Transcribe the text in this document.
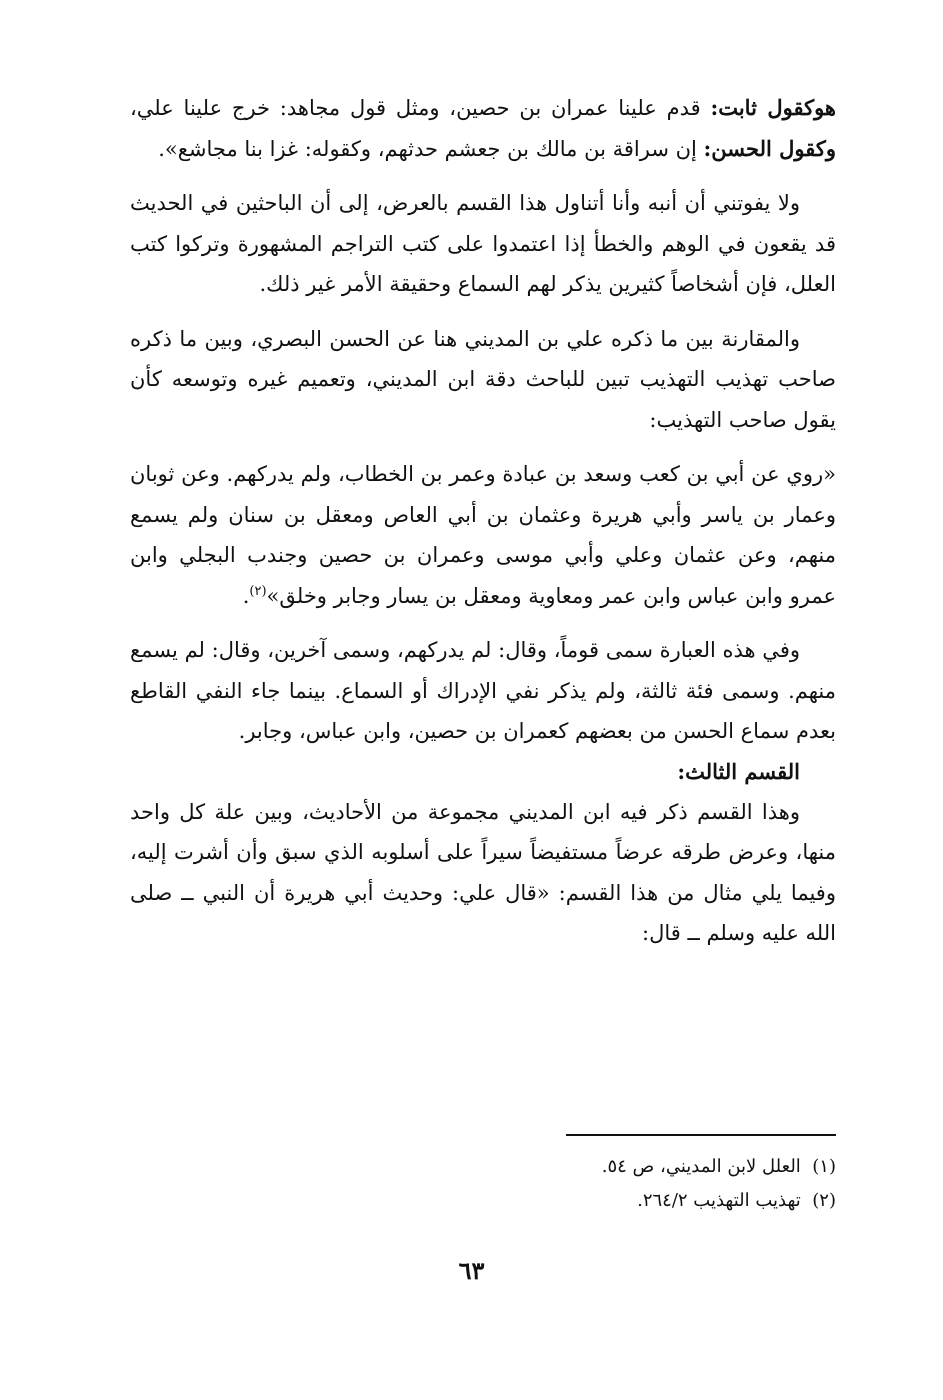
هوكقول ثابت: قدم علينا عمران بن حصين، ومثل قول مجاهد: خرج علينا علي، وكقول الحسن: إن سراقة بن مالك بن جعشم حدثهم، وكقوله: غزا بنا مجاشع».

ولا يفوتني أن أنبه وأنا أتناول هذا القسم بالعرض، إلى أن الباحثين في الحديث قد يقعون في الوهم والخطأ إذا اعتمدوا على كتب التراجم المشهورة وتركوا كتب العلل، فإن أشخاصاً كثيرين يذكر لهم السماع وحقيقة الأمر غير ذلك.

والمقارنة بين ما ذكره علي بن المديني هنا عن الحسن البصري، وبين ما ذكره صاحب تهذيب التهذيب تبين للباحث دقة ابن المديني، وتعميم غيره وتوسعه كأن يقول صاحب التهذيب:

«روي عن أبي بن كعب وسعد بن عبادة وعمر بن الخطاب، ولم يدركهم. وعن ثوبان وعمار بن ياسر وأبي هريرة وعثمان بن أبي العاص ومعقل بن سنان ولم يسمع منهم، وعن عثمان وعلي وأبي موسى وعمران بن حصين وجندب البجلي وابن عمرو وابن عباس وابن عمر ومعاوية ومعقل بن يسار وجابر وخلق»$^{(٢)}$.

وفي هذه العبارة سمى قوماً، وقال: لم يدركهم، وسمى آخرين، وقال: لم يسمع منهم. وسمى فئة ثالثة، ولم يذكر نفي الإدراك أو السماع. بينما جاء النفي القاطع بعدم سماع الحسن من بعضهم كعمران بن حصين، وابن عباس، وجابر.

القسم الثالث:

وهذا القسم ذكر فيه ابن المديني مجموعة من الأحاديث، وبين علة كل واحد منها، وعرض طرقه عرضاً مستفيضاً سيراً على أسلوبه الذي سبق وأن أشرت إليه، وفيما يلي مثال من هذا القسم: «قال علي: وحديث أبي هريرة أن النبي ــ صلى الله عليه وسلم ــ قال:

(١)  العلل لابن المديني، ص ٥٤.

(٢)  تهذيب التهذيب ٢٦٤/٢.

٦٣
